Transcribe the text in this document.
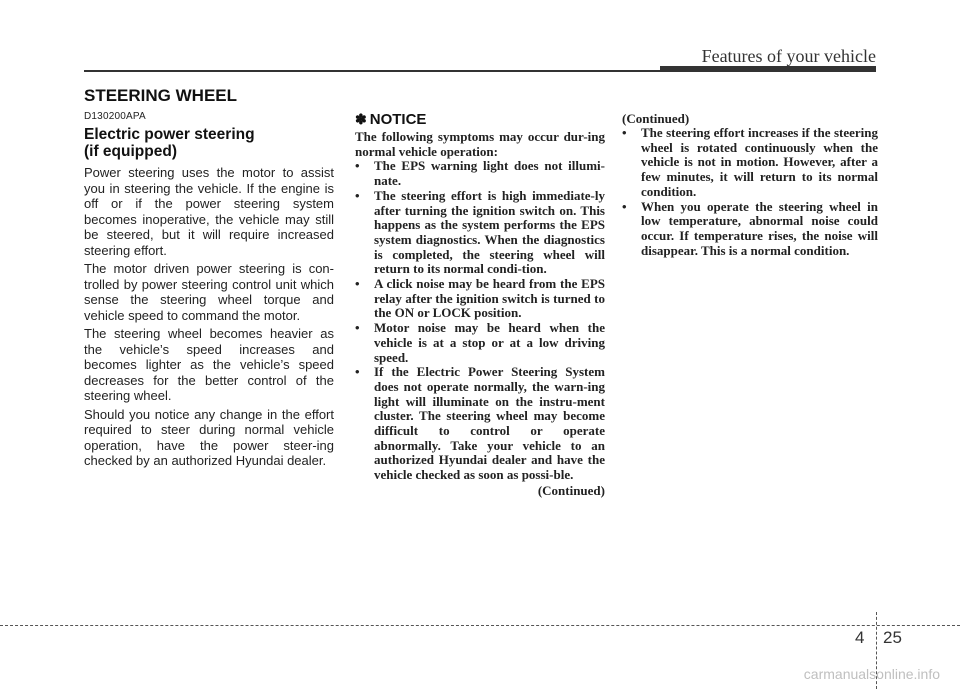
Features of your vehicle
STEERING WHEEL
D130200APA
Electric power steering
(if equipped)

Power steering uses the motor to assist you in steering the vehicle. If the engine is off or if the power steering system becomes inoperative, the vehicle may still be steered, but it will require increased steering effort.

The motor driven power steering is con-trolled by power steering control unit which sense the steering wheel torque and vehicle speed to command the motor.

The steering wheel becomes heavier as the vehicle’s speed increases and becomes lighter as the vehicle’s speed decreases for the better control of the steering wheel.

Should you notice any change in the effort required to steer during normal vehicle operation, have the power steer-ing checked by an authorized Hyundai dealer.

✽ NOTICE

The following symptoms may occur dur-ing normal vehicle operation:

• The EPS warning light does not illumi-nate.
• The steering effort is high immediate-ly after turning the ignition switch on. This happens as the system performs the EPS system diagnostics. When the diagnostics is completed, the steering wheel will return to its normal condi-tion.
• A click noise may be heard from the EPS relay after the ignition switch is turned to the ON or LOCK position.
• Motor noise may be heard when the vehicle is at a stop or at a low driving speed.
• If the Electric Power Steering System does not operate normally, the warn-ing light will illuminate on the instru-ment cluster. The steering wheel may become difficult to control or operate abnormally. Take your vehicle to an authorized Hyundai dealer and have the vehicle checked as soon as possi-ble.
(Continued)
(Continued)
• The steering effort increases if the steering wheel is rotated continuously when the vehicle is not in motion. However, after a few minutes, it will return to its normal condition.
• When you operate the steering wheel in low temperature, abnormal noise could occur. If temperature rises, the noise will disappear. This is a normal condition.
4 25
carmanualsonline.info
